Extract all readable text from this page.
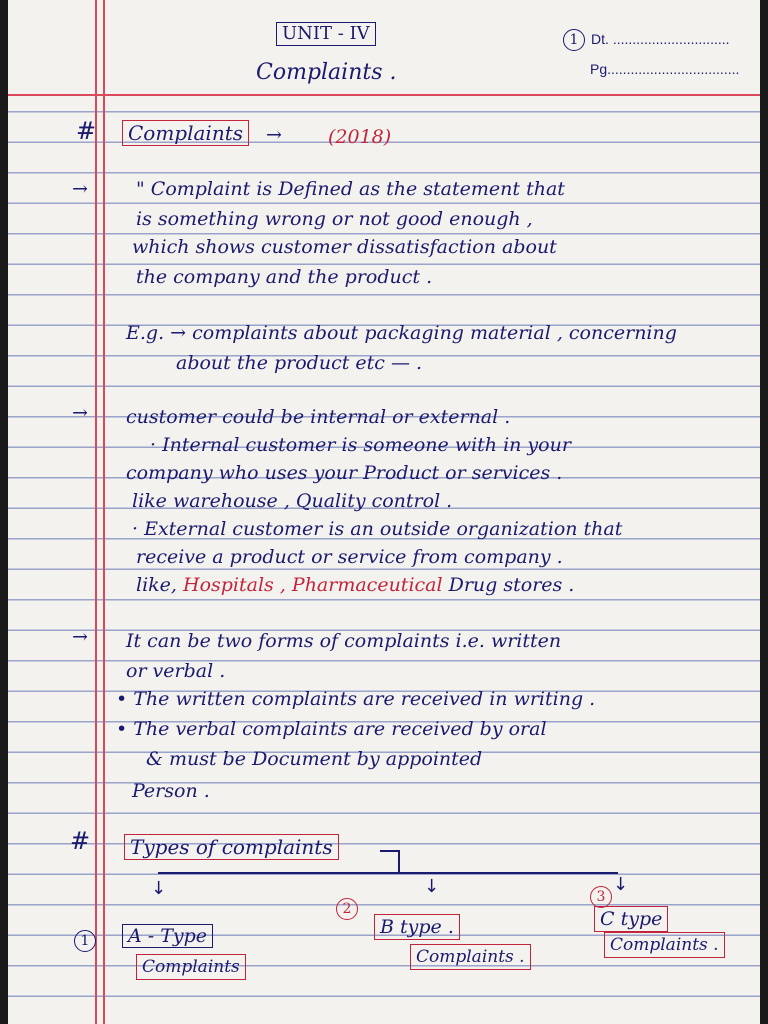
UNIT - IV
Complaints .
1 Dt. ..............................
Pg..................................
#	Complaints	→ (2018)
→	" Complaint is Defined as the statement that
is something wrong or not good enough ,
which shows customer dissatisfaction about
the company and the product .
E.g. → complaints about packaging material , concerning
about the product etc — .
→ customer could be internal or external .
· Internal customer is someone with in your
company who uses your Product or services .
like warehouse , Quality control .
· External customer is an outside organization that
receive a product or service from company .
like, Hospitals , Pharmaceutical Drug stores .
→ It can be two forms of complaints i.e. written
or verbal .
• The written complaints are received in writing .
• The verbal complaints are received by oral
& must be Document by appointed
Person .
#	Types of complaints
↓	↓	↓
1	A - Type
Complaints
2
B type .
Complaints .
3
C type
Complaints .
